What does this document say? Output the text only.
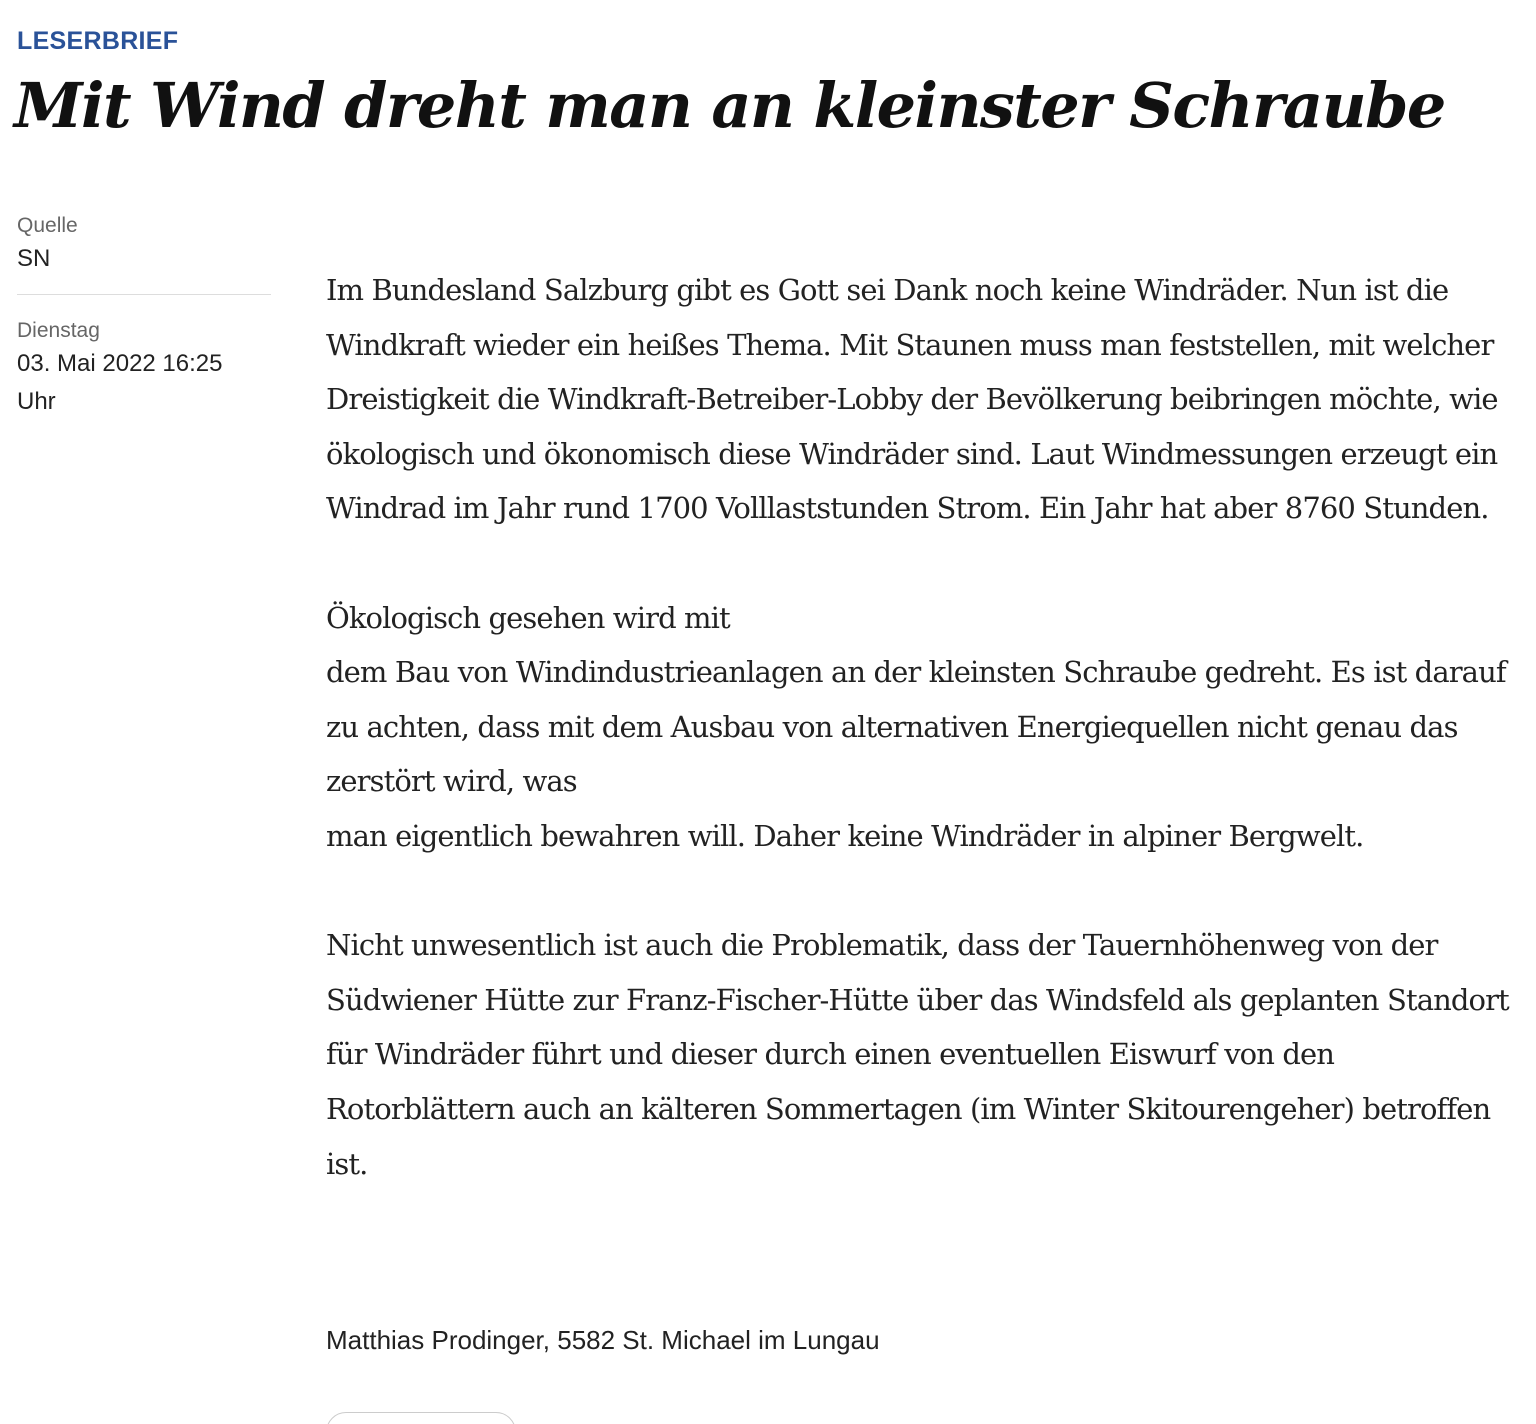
LESERBRIEF
Mit Wind dreht man an kleinster Schraube
Quelle
SN
Dienstag
03. Mai 2022 16:25
Uhr

Im Bundesland Salzburg gibt es Gott sei Dank noch keine Windräder. Nun ist die Windkraft wieder ein heißes Thema. Mit Staunen muss man feststellen, mit welcher Dreistigkeit die Windkraft-Betreiber-Lobby der Bevölkerung beibringen möchte, wie ökologisch und ökonomisch diese Windräder sind. Laut Windmessungen erzeugt ein Windrad im Jahr rund 1700 Volllaststunden Strom. Ein Jahr hat aber 8760 Stunden.

Ökologisch gesehen wird mit
dem Bau von Windindustrieanlagen an der kleinsten Schraube gedreht. Es ist darauf zu achten, dass mit dem Ausbau von alternativen Energiequellen nicht genau das zerstört wird, was
man eigentlich bewahren will. Daher keine Windräder in alpiner Bergwelt.

Nicht unwesentlich ist auch die Problematik, dass der Tauernhöhenweg von der Südwiener Hütte zur Franz-Fischer-Hütte über das Windsfeld als geplanten Standort für Windräder führt und dieser durch einen eventuellen Eiswurf von den Rotorblättern auch an kälteren Sommertagen (im Winter Skitourengeher) betroffen ist.

Matthias Prodinger, 5582 St. Michael im Lungau
